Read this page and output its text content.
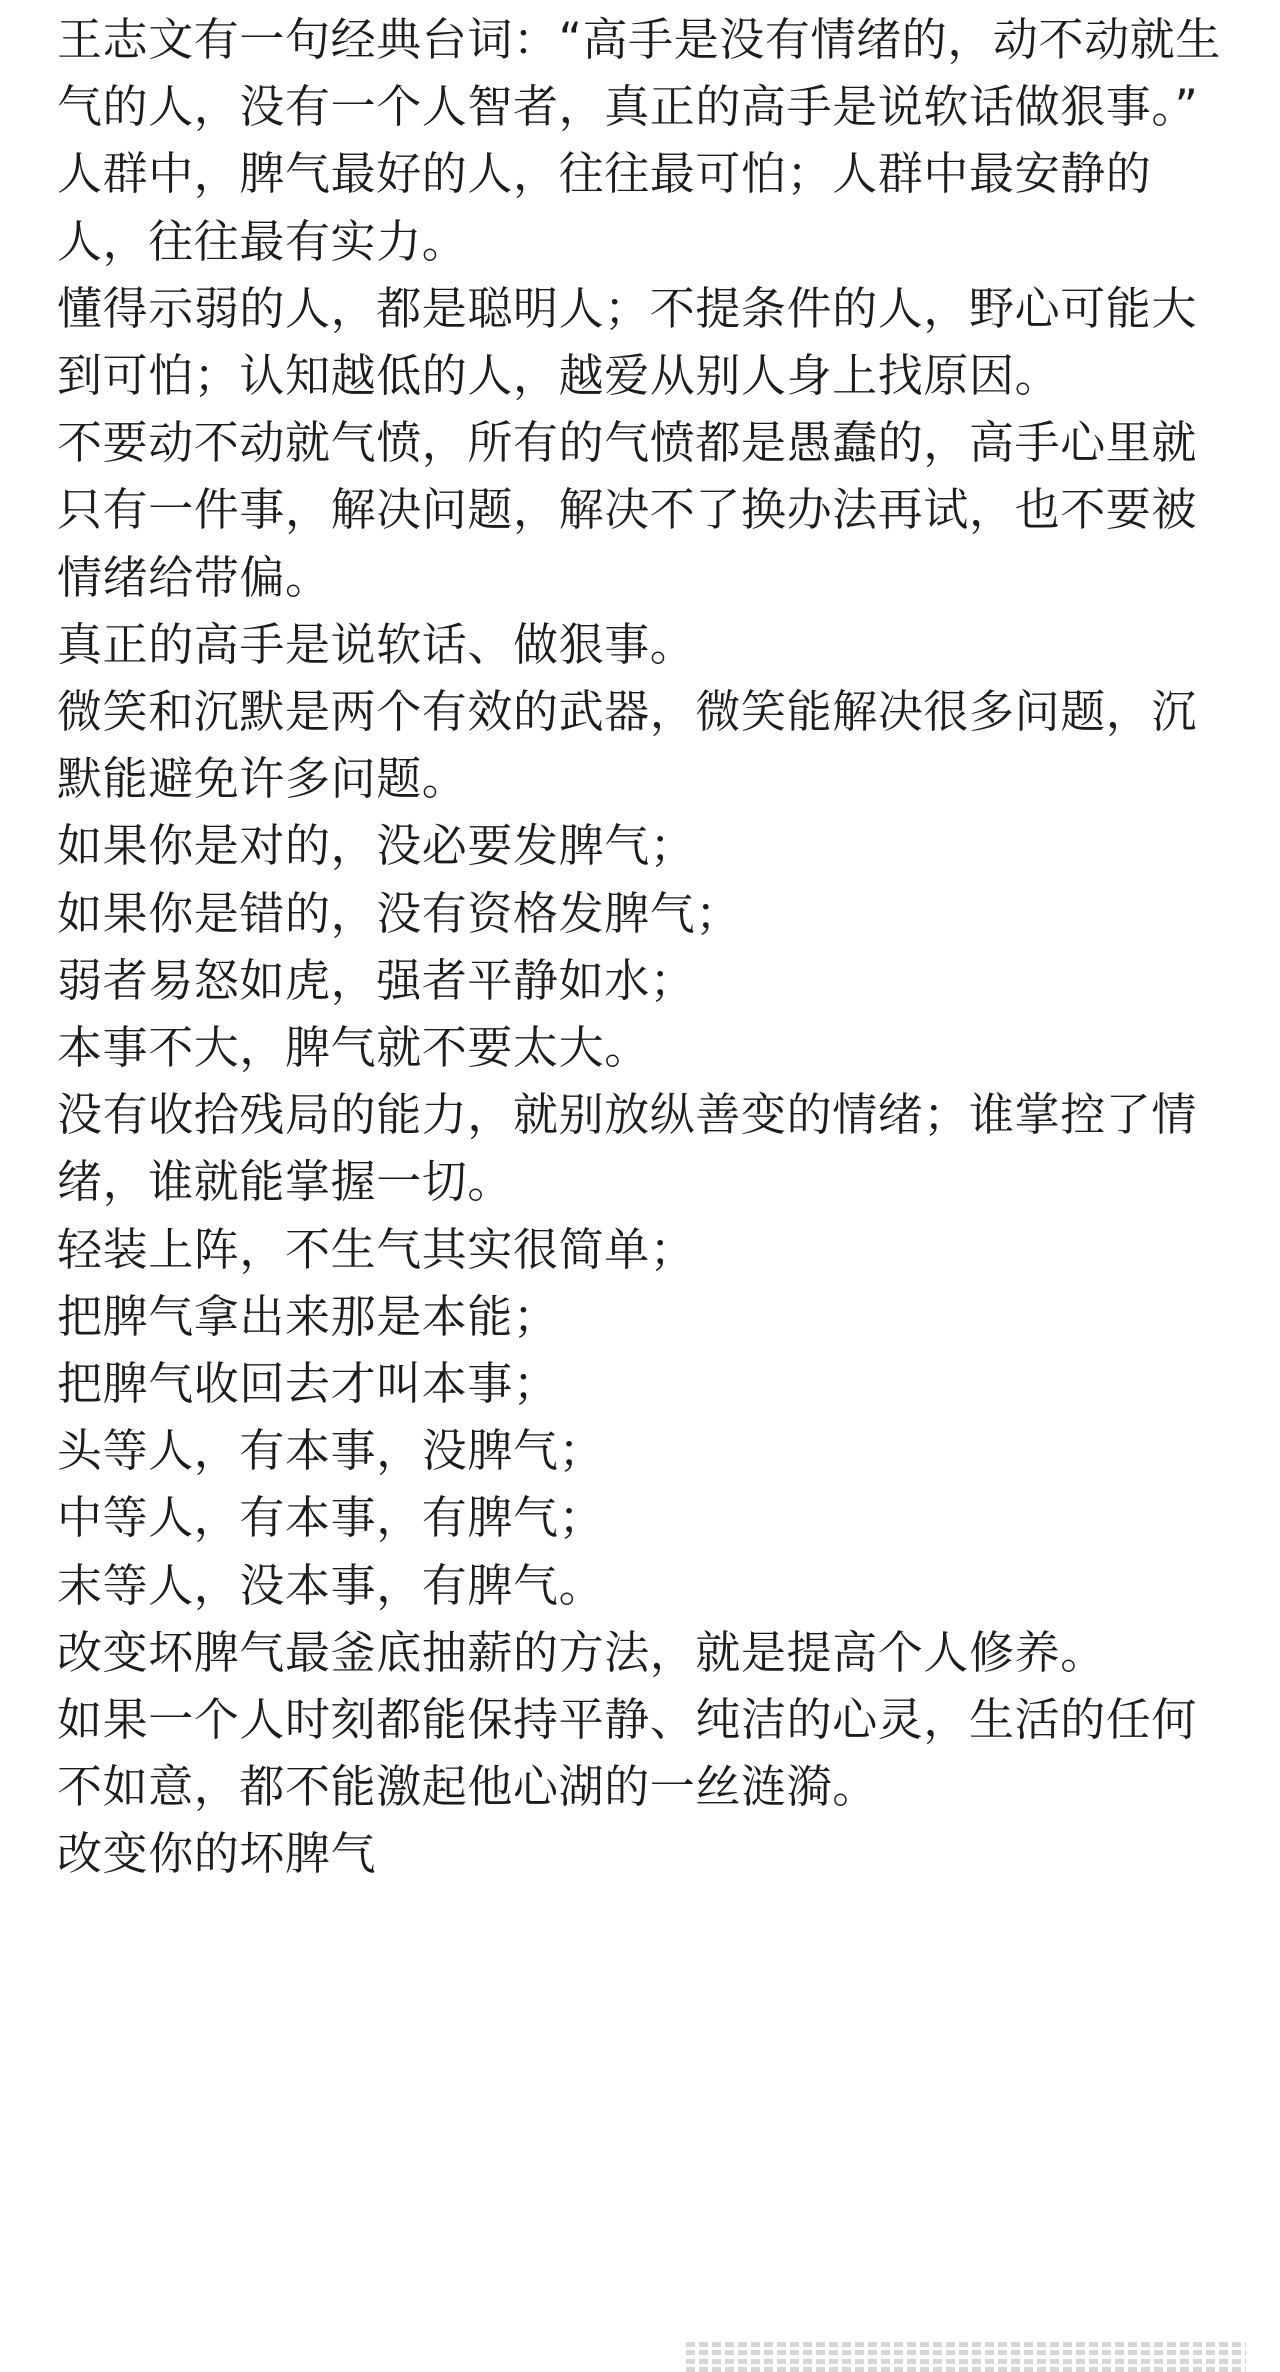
王志文有一句经典台词：“高手是没有情绪的，动不动就生气的人，没有一个人智者，真正的高手是说软话做狠事。”

人群中，脾气最好的人，往往最可怕；人群中最安静的人，往往最有实力。

懂得示弱的人，都是聪明人；不提条件的人，野心可能大到可怕；认知越低的人，越爱从别人身上找原因。

不要动不动就气愤，所有的气愤都是愚蠢的，高手心里就只有一件事，解决问题，解决不了换办法再试，也不要被情绪给带偏。

真正的高手是说软话、做狠事。

微笑和沉默是两个有效的武器，微笑能解决很多问题，沉默能避免许多问题。

如果你是对的，没必要发脾气；

如果你是错的，没有资格发脾气；

弱者易怒如虎，强者平静如水；

本事不大，脾气就不要太大。

没有收拾残局的能力，就别放纵善变的情绪；谁掌控了情绪，谁就能掌握一切。

轻装上阵，不生气其实很简单；

把脾气拿出来那是本能；

把脾气收回去才叫本事；

头等人，有本事，没脾气；

中等人，有本事，有脾气；

末等人，没本事，有脾气。

改变坏脾气最釜底抽薪的方法，就是提高个人修养。

如果一个人时刻都能保持平静、纯洁的心灵，生活的任何不如意，都不能激起他心湖的一丝涟漪。

改变你的坏脾气
